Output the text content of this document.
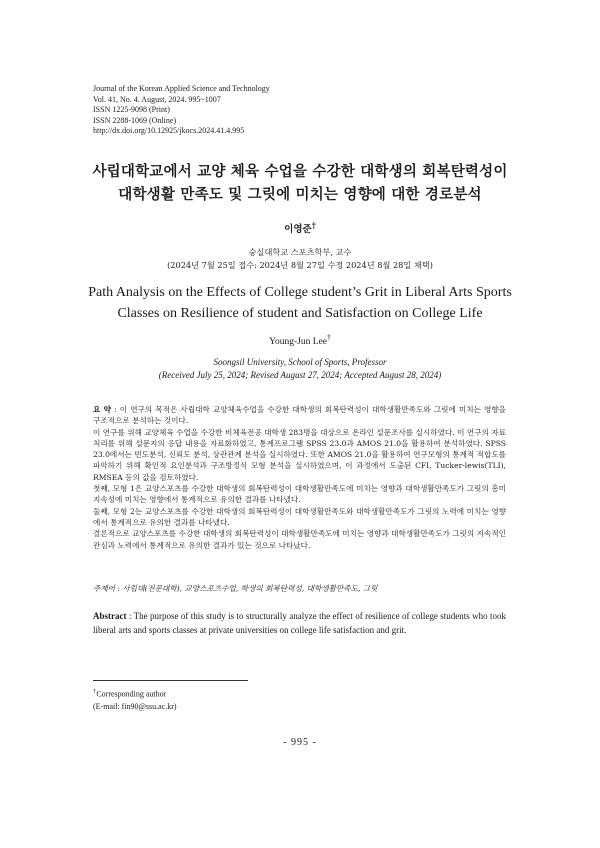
Journal of the Korean Applied Science and Technology
Vol. 41, No. 4. August, 2024. 995~1007
ISSN 1225-9098 (Print)
ISSN 2288-1069 (Online)
http://dx.doi.org/10.12925/jkocs.2024.41.4.995
사립대학교에서 교양 체육 수업을 수강한 대학생의 회복탄력성이
대학생활 만족도 및 그릿에 미치는 영향에 대한 경로분석
이영준†
숭실대학교 스포츠학부, 교수
(2024년 7월 25일 접수: 2024년 8월 27일 수정 2024년 8월 28일 채택)
Path Analysis on the Effects of College student’s Grit in Liberal Arts Sports
Classes on Resilience of student and Satisfaction on College Life
Young-Jun Lee†
Soongsil University, School of Sports, Professor
(Received July 25, 2024; Revised August 27, 2024; Accepted August 28, 2024)

요 약 : 이 연구의 목적은 사립대학 교양체육수업을 수강한 대학생의 회복탄력성이 대학생활만족도와 그릿에 미치는 영향을 구조적으로 분석하는 것이다.

이 연구를 위해 교양체육 수업을 수강한 비체육전공 대학생 283명을 대상으로 온라인 설문조사를 실시하였다. 이 연구의 자료처리를 위해 설문지의 응답 내용을 자료화하였고, 통계프로그램 SPSS 23.0과 AMOS 21.0을 활용하여 분석하였다. SPSS 23.0에서는 빈도분석, 신뢰도 분석, 상관관계 분석을 실시하였다. 또한 AMOS 21.0을 활용하여 연구모형의 통계적 적합도를 파악하기 위해 확인적 요인분석과 구조방정식 모형 분석을 실시하였으며, 이 과정에서 도출된 CFI, Tucker-lewis(TLI), RMSEA 등의 값을 검토하였다.

첫째, 모형 1은 교양스포츠를 수강한 대학생의 회복탄력성이 대학생활만족도에 미치는 영향과 대학생활만족도가 그릿의 흥미지속성에 미치는 영향에서 통계적으로 유의한 결과를 나타냈다.

둘째, 모형 2는 교양스포츠를 수강한 대학생의 회복탄력성이 대학생활만족도와 대학생활만족도가 그릿의 노력에 미치는 영향에서 통계적으로 유의한 결과를 나타냈다.

결론적으로 교양스포츠를 수강한 대학생의 회복탄력성이 대학생활만족도에 미치는 영향과 대학생활만족도가 그릿의 지속적인 관심과 노력에서 통계적으로 유의한 결과가 있는 것으로 나타났다.

주제어 : 사립대(전문대학), 교양스포츠수업, 학생의 회복탄력성, 대학생활만족도, 그릿
Abstract : The purpose of this study is to structurally analyze the effect of resilience of college students who took liberal arts and sports classes at private universities on college life satisfaction and grit.
†Corresponding author
(E-mail: fin90@ssu.ac.kr)
- 995 -
